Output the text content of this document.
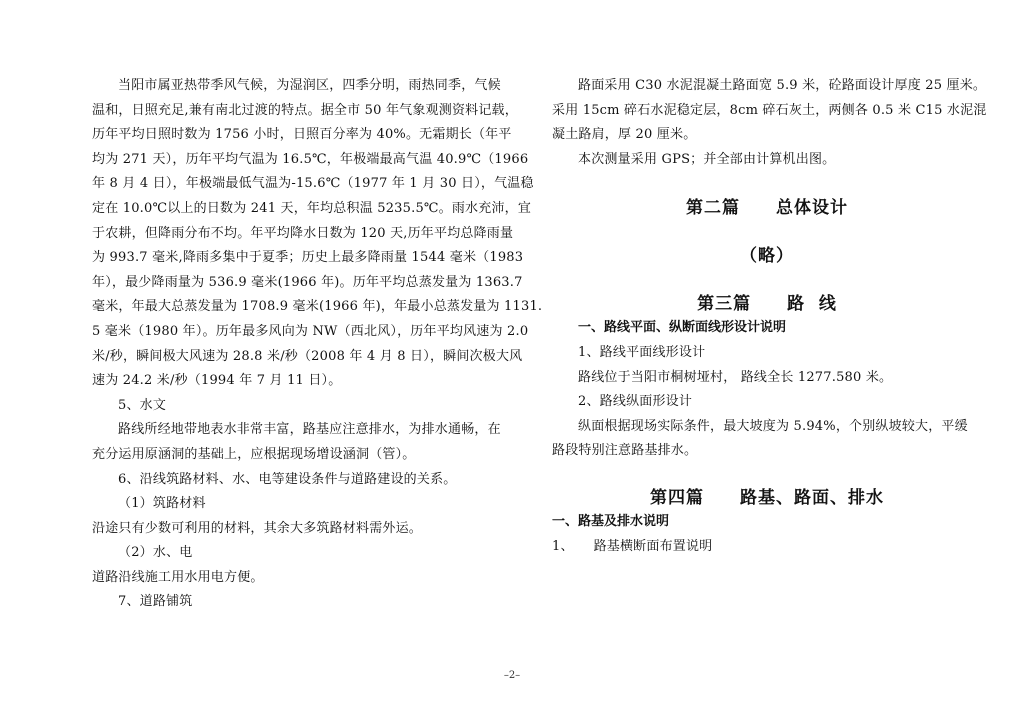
当阳市属亚热带季风气候，为湿润区，四季分明，雨热同季，气候
温和，日照充足,兼有南北过渡的特点。据全市 50 年气象观测资料记载，
历年平均日照时数为 1756 小时，日照百分率为 40%。无霜期长（年平
均为 271 天），历年平均气温为 16.5℃，年极端最高气温 40.9℃（1966
年 8 月 4 日），年极端最低气温为-15.6℃（1977 年 1 月 30 日），气温稳
定在 10.0℃以上的日数为 241 天，年均总积温 5235.5℃。雨水充沛，宜
于农耕，但降雨分布不均。年平均降水日数为 120 天,历年平均总降雨量
为 993.7 毫米,降雨多集中于夏季；历史上最多降雨量 1544 毫米（1983
年），最少降雨量为 536.9 毫米(1966 年)。历年平均总蒸发量为 1363.7
毫米，年最大总蒸发量为 1708.9 毫米(1966 年)，年最小总蒸发量为 1131.
5 毫米（1980 年）。历年最多风向为 NW（西北风），历年平均风速为 2.0
米/秒，瞬间极大风速为 28.8 米/秒（2008 年 4 月 8 日），瞬间次极大风
速为 24.2 米/秒（1994 年 7 月 11 日）。
5、水文
路线所经地带地表水非常丰富，路基应注意排水，为排水通畅，在
充分运用原涵洞的基础上，应根据现场增设涵洞（管）。
6、沿线筑路材料、水、电等建设条件与道路建设的关系。
（1）筑路材料
沿途只有少数可利用的材料，其余大多筑路材料需外运。
（2）水、电
道路沿线施工用水用电方便。
7、道路铺筑
路面采用 C30 水泥混凝土路面宽 5.9 米，砼路面设计厚度 25 厘米。
采用 15cm 碎石水泥稳定层，8cm 碎石灰土，两侧各 0.5 米 C15 水泥混
凝土路肩，厚 20 厘米。
本次测量采用 GPS；并全部由计算机出图。
第二篇　　总体设计
（略）
第三篇　　路  线
一、路线平面、纵断面线形设计说明
1、路线平面线形设计
路线位于当阳市桐树垭村， 路线全长 1277.580 米。
2、路线纵面形设计
纵面根据现场实际条件，最大坡度为 5.94%，个别纵坡较大，平缓
路段特别注意路基排水。
第四篇　　路基、路面、排水
一、路基及排水说明
1、　　路基横断面布置说明
–2–
